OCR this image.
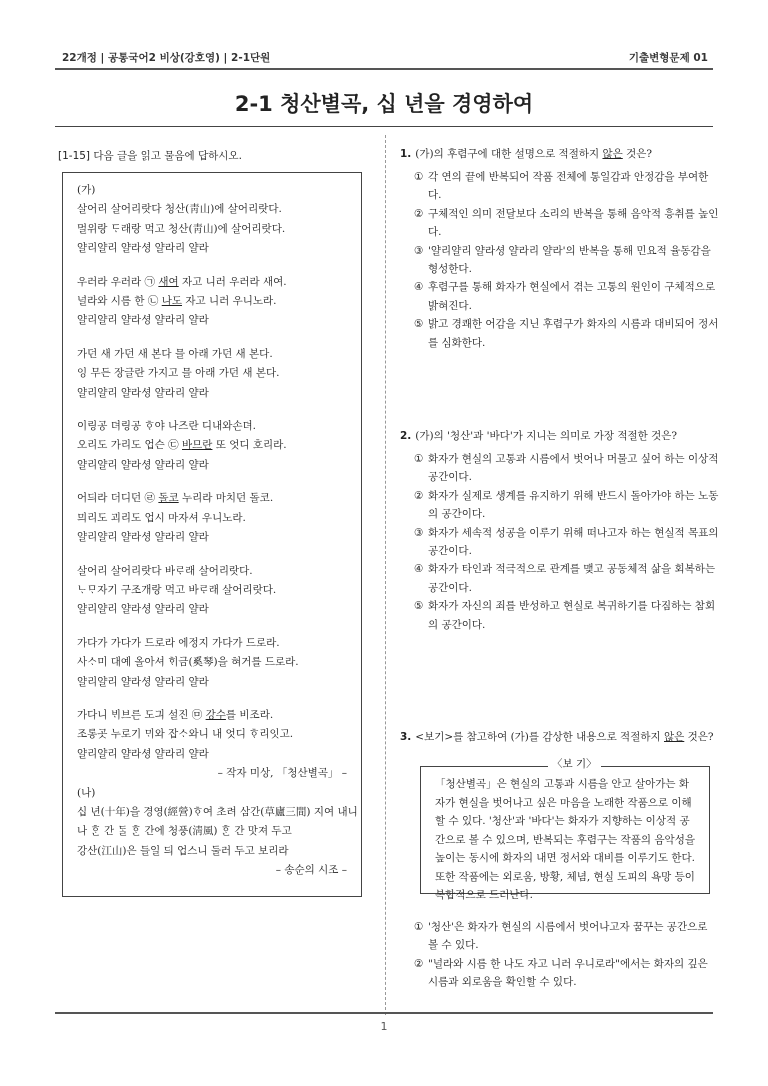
22개정 | 공통국어2 비상(강호영) | 2-1단원	기출변형문제 01
2-1 청산별곡, 십 년을 경영하여
[1-15] 다음 글을 읽고 물음에 답하시오.
(가)
살어리 살어리랏다 청산(靑山)에 살어리랏다.
멀위랑 ᄃᆞ래랑 먹고 청산(靑山)에 살어리랏다.
얄리얄리 얄라셩 얄라리 얄라
우러라 우러라 ㉠ 새여 자고 니러 우러라 새여.
널라와 시름 한 ㉡ 나도 자고 니러 우니노라.
얄리얄리 얄라셩 얄라리 얄라
가던 새 가던 새 본다 믈 아래 가던 새 본다.
잉 무든 장글란 가지고 믈 아래 가던 새 본다.
얄리얄리 얄라셩 얄라리 얄라
이링공 뎌링공 ᄒᆞ야 나즈란 디내와손뎌.
오리도 가리도 업슨 ㉢ 바므란 또 엇디 호리라.
얄리얄리 얄라셩 얄라리 얄라
어듸라 더디던 ㉣ 돌코 누리라 마치던 돌코.
믜리도 괴리도 업시 마자셔 우니노라.
얄리얄리 얄라셩 얄라리 얄라
살어리 살어리랏다 바ᄅᆞ래 살어리랏다.
ᄂᆞᄆᆞ자기 구조개랑 먹고 바ᄅᆞ래 살어리랏다.
얄리얄리 얄라셩 얄라리 얄라
가다가 가다가 드로라 에정지 가다가 드로라.
사ᄉᆞ미 대예 올아셔 ᄒᆡ금(奚琴)을 혀거를 드로라.
얄리얄리 얄라셩 얄라리 얄라
가다니 ᄇᆡ브른 도긔 설진 ㉤ 강수를 비조라.
조롱곳 누로기 ᄆᆡ와 잡ᄉᆞ와니 내 엇디 ᄒᆞ리잇고.
얄리얄리 얄라셩 얄라리 얄라
– 작자 미상, 「청산별곡」 –
(나)
십 년(十年)을 경영(經營)ᄒᆞ여 초려 삼간(草廬三間) 지여 내니
나 ᄒᆞᆫ 간 ᄃᆞᆯ ᄒᆞᆫ 간에 청풍(淸風) ᄒᆞᆫ 간 맛져 두고
강산(江山)은 들일 듸 업스니 둘러 두고 보리라
– 송순의 시조 –
1. (가)의 후렴구에 대한 설명으로 적절하지 않은 것은?
① 각 연의 끝에 반복되어 작품 전체에 통일감과 안정감을 부여한다.
② 구체적인 의미 전달보다 소리의 반복을 통해 음악적 흥취를 높인다.
③ '얄리얄리 얄라셩 얄라리 얄라'의 반복을 통해 민요적 율동감을 형성한다.
④ 후렴구를 통해 화자가 현실에서 겪는 고통의 원인이 구체적으로 밝혀진다.
⑤ 밝고 경쾌한 어감을 지닌 후렴구가 화자의 시름과 대비되어 정서를 심화한다.
2. (가)의 '청산'과 '바다'가 지니는 의미로 가장 적절한 것은?
① 화자가 현실의 고통과 시름에서 벗어나 머물고 싶어 하는 이상적 공간이다.
② 화자가 실제로 생계를 유지하기 위해 반드시 돌아가야 하는 노동의 공간이다.
③ 화자가 세속적 성공을 이루기 위해 떠나고자 하는 현실적 목표의 공간이다.
④ 화자가 타인과 적극적으로 관계를 맺고 공동체적 삶을 회복하는 공간이다.
⑤ 화자가 자신의 죄를 반성하고 현실로 복귀하기를 다짐하는 참회의 공간이다.
3. <보기>를 참고하여 (가)를 감상한 내용으로 적절하지 않은 것은?
「청산별곡」은 현실의 고통과 시름을 안고 살아가는 화자가 현실을 벗어나고 싶은 마음을 노래한 작품으로 이해할 수 있다. '청산'과 '바다'는 화자가 지향하는 이상적 공간으로 볼 수 있으며, 반복되는 후렴구는 작품의 음악성을 높이는 동시에 화자의 내면 정서와 대비를 이루기도 한다. 또한 작품에는 외로움, 방황, 체념, 현실 도피의 욕망 등이 복합적으로 드러난다.
〈보 기〉
① '청산'은 화자가 현실의 시름에서 벗어나고자 꿈꾸는 공간으로 볼 수 있다.
② "널라와 시름 한 나도 자고 니러 우니로라"에서는 화자의 깊은 시름과 외로움을 확인할 수 있다.
1
